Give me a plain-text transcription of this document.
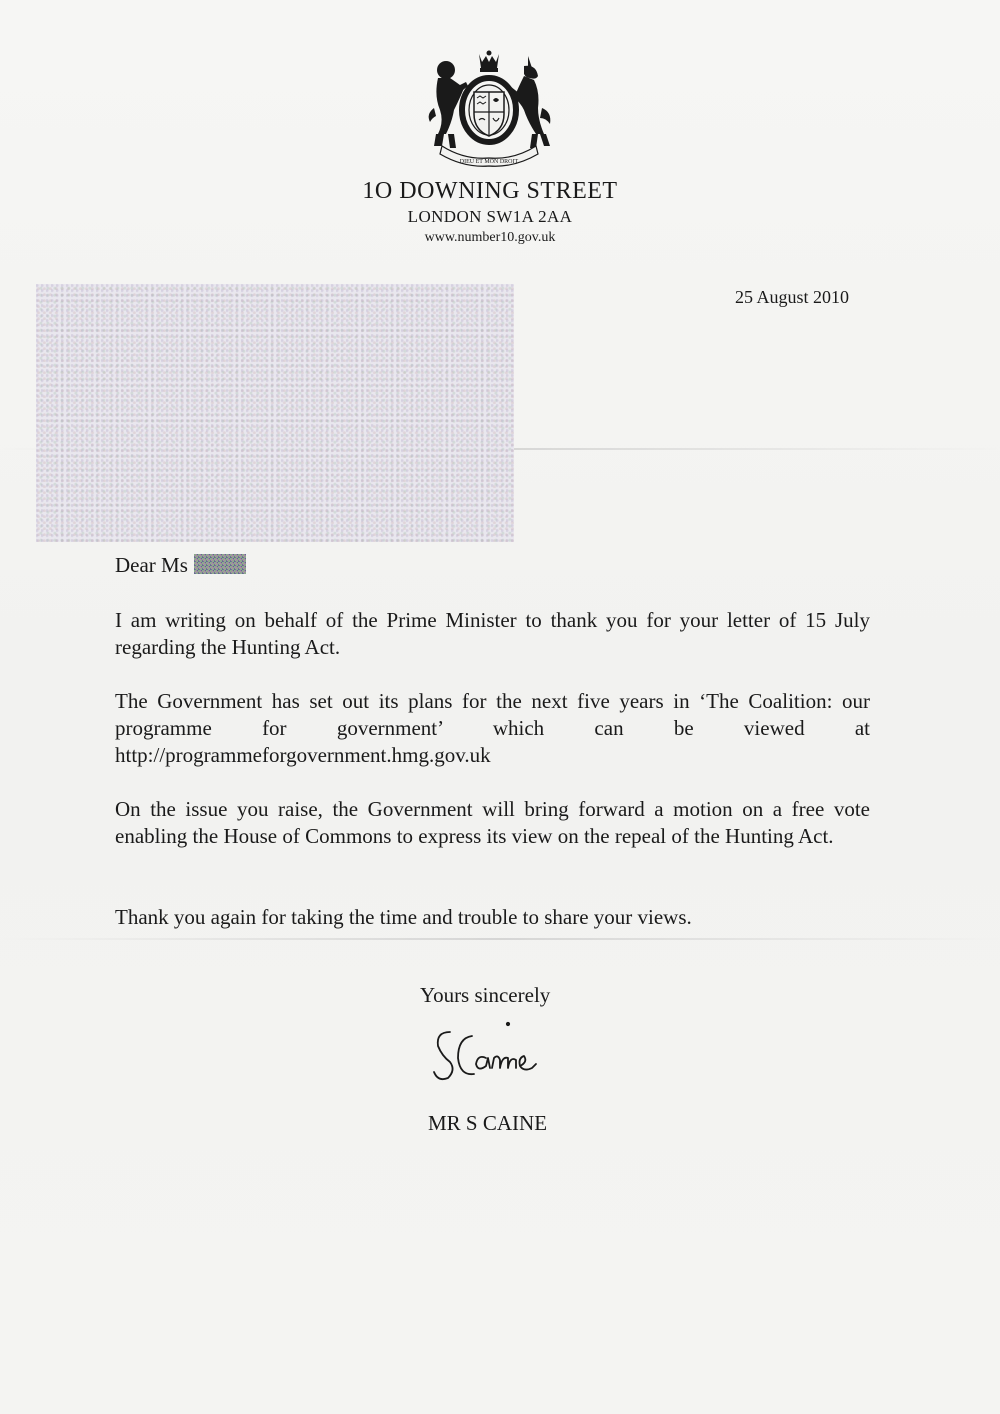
DIEU ET MON DROIT
1O DOWNING STREET
LONDON SW1A 2AA
www.number10.gov.uk
25 August 2010
Dear Ms

I am writing on behalf of the Prime Minister to thank you for your letter of 15 July regarding the Hunting Act.

The Government has set out its plans for the next five years in ‘The Coalition: our programme for government’ which can be viewed at http://programmeforgovernment.hmg.gov.uk

On the issue you raise, the Government will bring forward a motion on a free vote enabling the House of Commons to express its view on the repeal of the Hunting Act.

Thank you again for taking the time and trouble to share your views.

Yours sincerely
MR S CAINE
